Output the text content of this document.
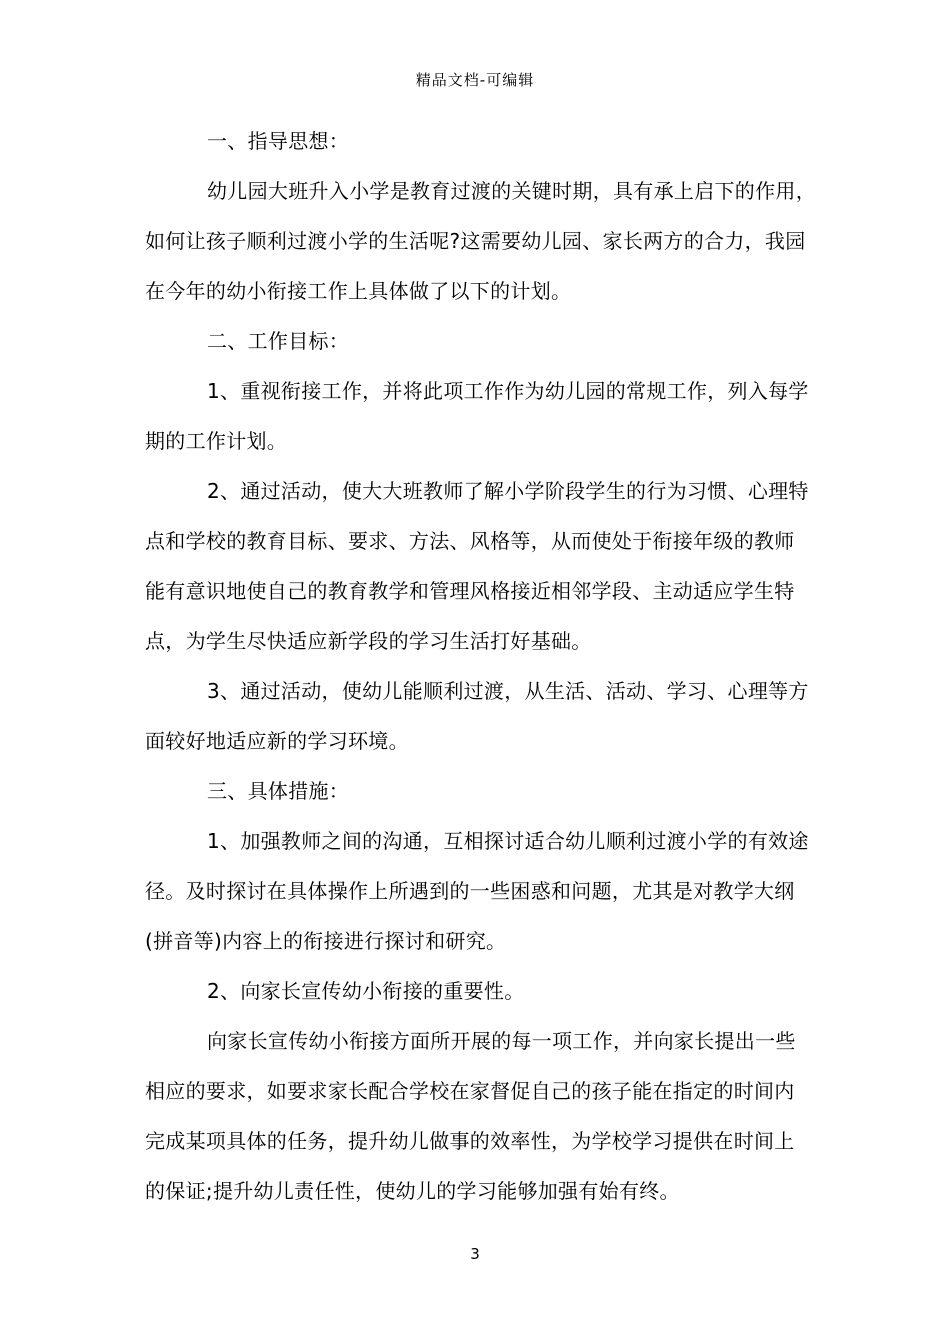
精品文档-可编辑
一、指导思想：
幼儿园大班升入小学是教育过渡的关键时期，具有承上启下的作用，
如何让孩子顺利过渡小学的生活呢?这需要幼儿园、家长两方的合力，我园
在今年的幼小衔接工作上具体做了以下的计划。
二、工作目标：
1、重视衔接工作，并将此项工作作为幼儿园的常规工作，列入每学
期的工作计划。
2、通过活动，使大大班教师了解小学阶段学生的行为习惯、心理特
点和学校的教育目标、要求、方法、风格等，从而使处于衔接年级的教师
能有意识地使自己的教育教学和管理风格接近相邻学段、主动适应学生特
点，为学生尽快适应新学段的学习生活打好基础。
3、通过活动，使幼儿能顺利过渡，从生活、活动、学习、心理等方
面较好地适应新的学习环境。
三、具体措施：
1、加强教师之间的沟通，互相探讨适合幼儿顺利过渡小学的有效途
径。及时探讨在具体操作上所遇到的一些困惑和问题，尤其是对教学大纲
(拼音等)内容上的衔接进行探讨和研究。
2、向家长宣传幼小衔接的重要性。
向家长宣传幼小衔接方面所开展的每一项工作，并向家长提出一些
相应的要求，如要求家长配合学校在家督促自己的孩子能在指定的时间内
完成某项具体的任务，提升幼儿做事的效率性，为学校学习提供在时间上
的保证;提升幼儿责任性，使幼儿的学习能够加强有始有终。
3
